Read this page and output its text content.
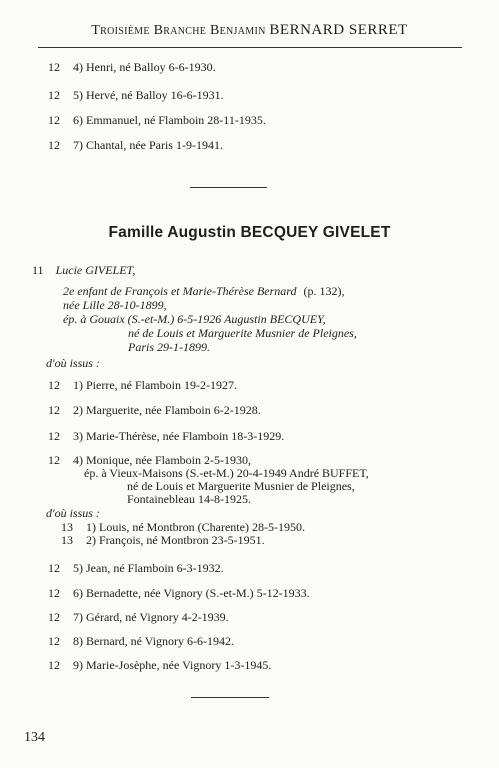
Troisième Branche Benjamin BERNARD SERRET
12 4) Henri, né Balloy 6-6-1930.
12 5) Hervé, né Balloy 16-6-1931.
12 6) Emmanuel, né Flamboin 28-11-1935.
12 7) Chantal, née Paris 1-9-1941.
Famille Augustin BECQUEY GIVELET
11 Lucie GIVELET,
2e enfant de François et Marie-Thérèse Bernard (p. 132),
née Lille 28-10-1899,
ép. à Gouaix (S.-et-M.) 6-5-1926 Augustin BECQUEY,
né de Louis et Marguerite Musnier de Pleignes,
Paris 29-1-1899.
d'où issus :
12 1) Pierre, né Flamboin 19-2-1927.
12 2) Marguerite, née Flamboin 6-2-1928.
12 3) Marie-Thérèse, née Flamboin 18-3-1929.
12 4) Monique, née Flamboin 2-5-1930,
ép. à Vieux-Maisons (S.-et-M.) 20-4-1949 André BUFFET,
né de Louis et Marguerite Musnier de Pleignes,
Fontainebleau 14-8-1925.
d'où issus :
13 1) Louis, né Montbron (Charente) 28-5-1950.
13 2) François, né Montbron 23-5-1951.
12 5) Jean, né Flamboin 6-3-1932.
12 6) Bernadette, née Vignory (S.-et-M.) 5-12-1933.
12 7) Gérard, né Vignory 4-2-1939.
12 8) Bernard, né Vignory 6-6-1942.
12 9) Marie-Josèphe, née Vignory 1-3-1945.
134
